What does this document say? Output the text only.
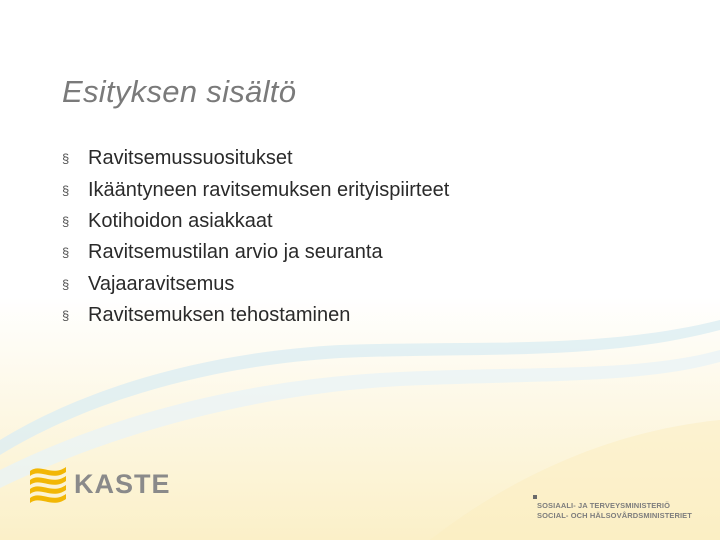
Esityksen sisältö
§ Ravitsemussuositukset
§ Ikääntyneen ravitsemuksen erityispiirteet
§ Kotihoidon asiakkaat
§ Ravitsemustilan arvio ja seuranta
§ Vajaaravitsemus
§ Ravitsemuksen tehostaminen
KASTE
SOSIAALI- JA TERVEYSMINISTERIÖ
SOCIAL- OCH HÄLSOVÅRDSMINISTERIET
